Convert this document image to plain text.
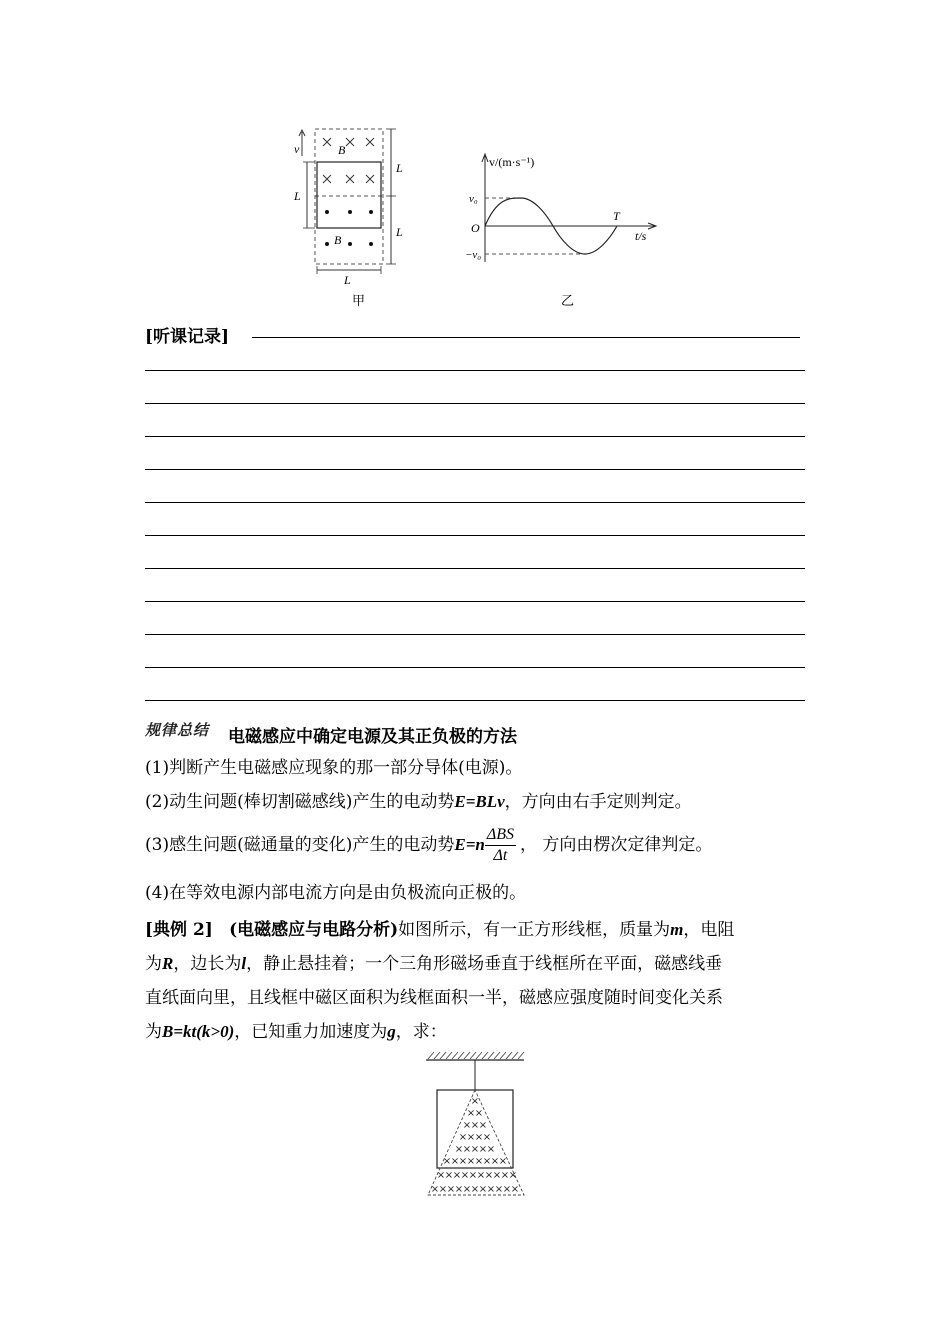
v
L
L
L
L
B
B
甲
v/(m·s⁻¹)
t/s
O
v₀
−v₀
T
乙
[听课记录]
规律总结 电磁感应中确定电源及其正负极的方法
(1)判断产生电磁感应现象的那一部分导体(电源)。
(2)动生问题(棒切割磁感线)产生的电动势E=BLv，方向由右手定则判定。
(3)感生问题(磁通量的变化)产生的电动势$E=n \frac{\text{ΔBS}}{\Delta t}$ ， 方向由楞次定律判定。
(4)在等效电源内部电流方向是由负极流向正极的。
[典例 2] (电磁感应与电路分析)如图所示，有一正方形线框，质量为m，电阻
为R，边长为l，静止悬挂着；一个三角形磁场垂直于线框所在平面，磁感线垂
直纸面向里，且线框中磁区面积为线框面积一半，磁感应强度随时间变化关系
为B=kt(k>0)，已知重力加速度为g，求：
×
× ×
× × ×
× × × ×
× × × × ×
× × × × × × × ×
× × × × × × × × × ×
× × × × × × × × × × ×
